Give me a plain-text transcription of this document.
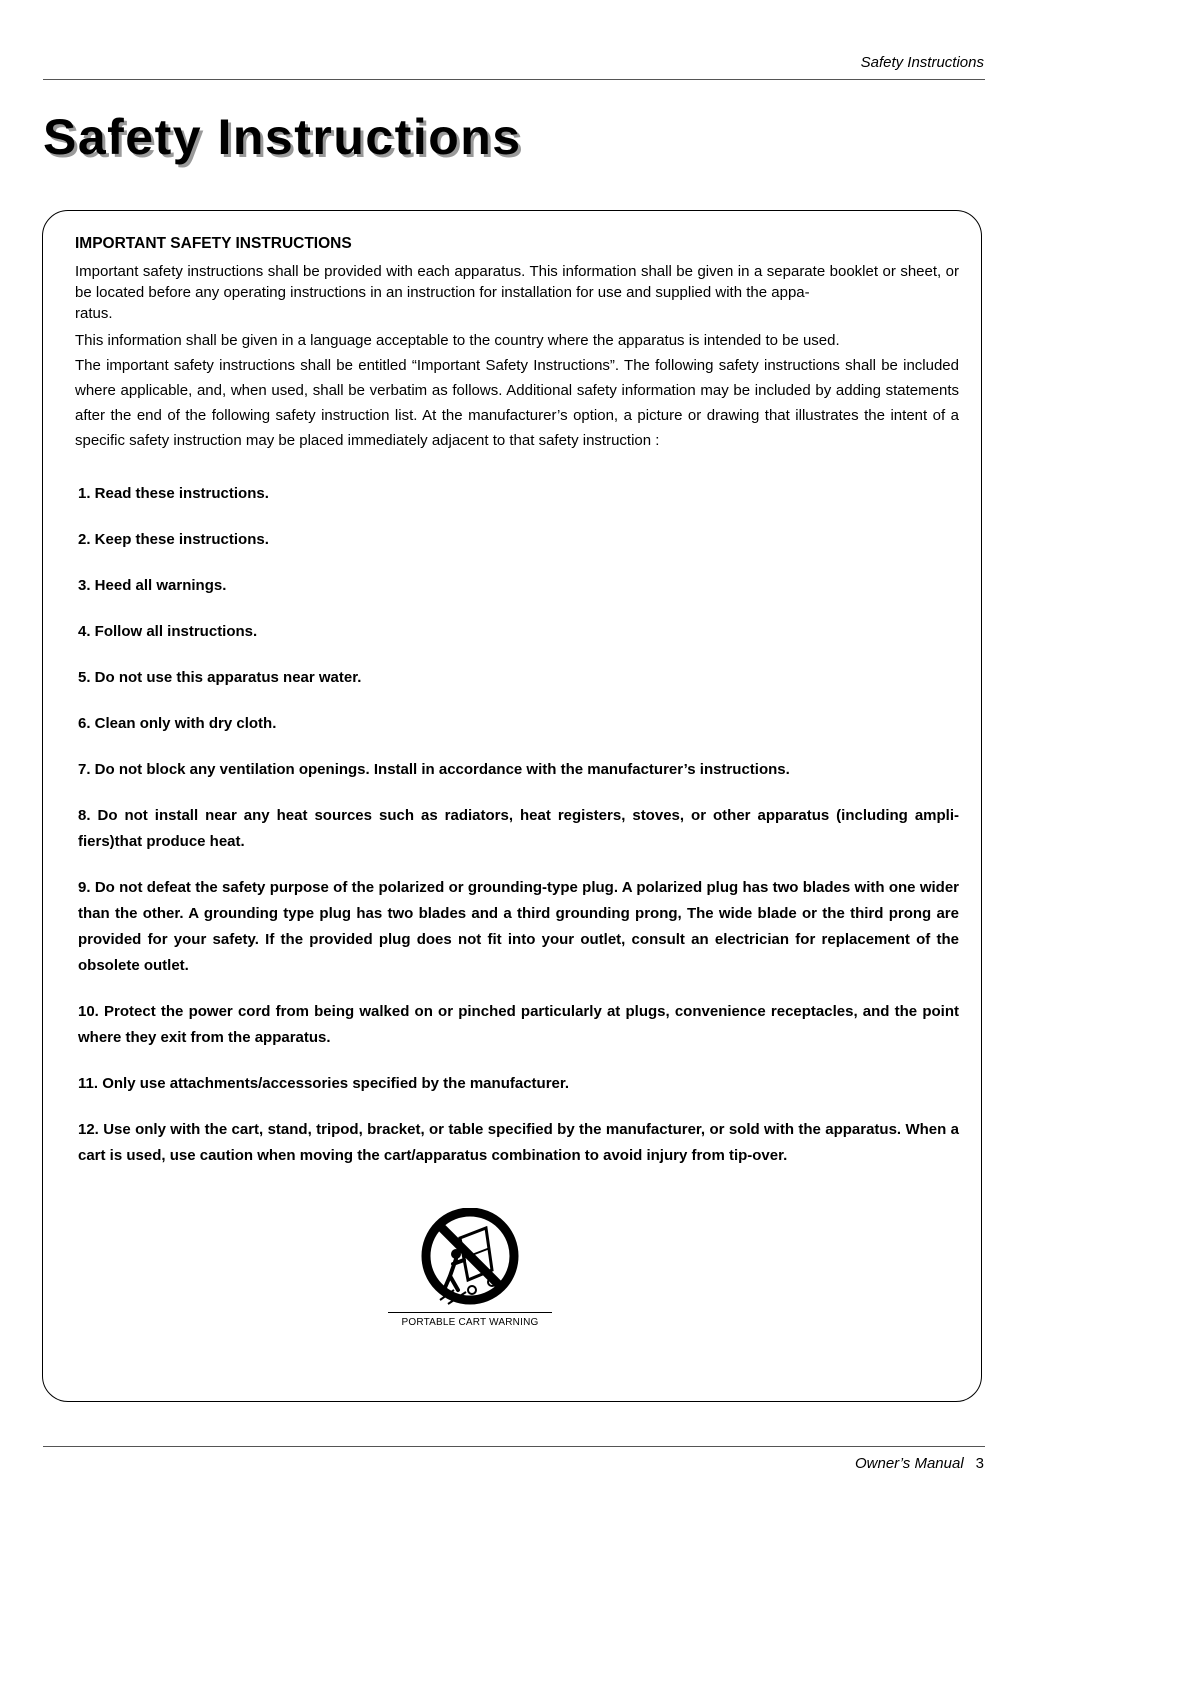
Safety Instructions
Safety Instructions
IMPORTANT SAFETY INSTRUCTIONS

Important safety instructions shall be provided with each apparatus. This information shall be given in a separate booklet or sheet, or be located before any operating instructions in an instruction for installation for use and supplied with the appa-

ratus.

This information shall be given in a language acceptable to the country where the apparatus is intended to be used.

The important safety instructions shall be entitled “Important Safety Instructions”. The following safety instructions shall be included where applicable, and, when used, shall be verbatim as follows. Additional safety information may be included by adding statements after the end of the following safety instruction list. At the manufacturer’s option, a picture or drawing that illustrates the intent of a specific safety instruction may be placed immediately adjacent to that safety instruction :

1. Read these instructions.
2. Keep these instructions.
3. Heed all warnings.
4. Follow all instructions.
5. Do not use this apparatus near water.
6. Clean only with dry cloth.
7. Do not block any ventilation openings. Install in accordance with the manufacturer’s instructions.
8. Do not install near any heat sources such as radiators, heat registers, stoves, or other apparatus (including ampli- fiers)that produce heat.
9. Do not defeat the safety purpose of the polarized or grounding-type plug. A polarized plug has two blades with one wider than the other. A grounding type plug has two blades and a third grounding prong, The wide blade or the third prong are provided for your safety. If the provided plug does not fit into your outlet, consult an electrician for replacement of the obsolete outlet.
10. Protect the power cord from being walked on or pinched particularly at plugs, convenience receptacles, and the point where they exit from the apparatus.
11. Only use attachments/accessories specified by the manufacturer.
12. Use only with the cart, stand, tripod, bracket, or table specified by the manufacturer, or sold with the apparatus. When a cart is used, use caution when moving the cart/apparatus combination to avoid injury from tip-over.
PORTABLE CART WARNING
Owner’s Manual 3
